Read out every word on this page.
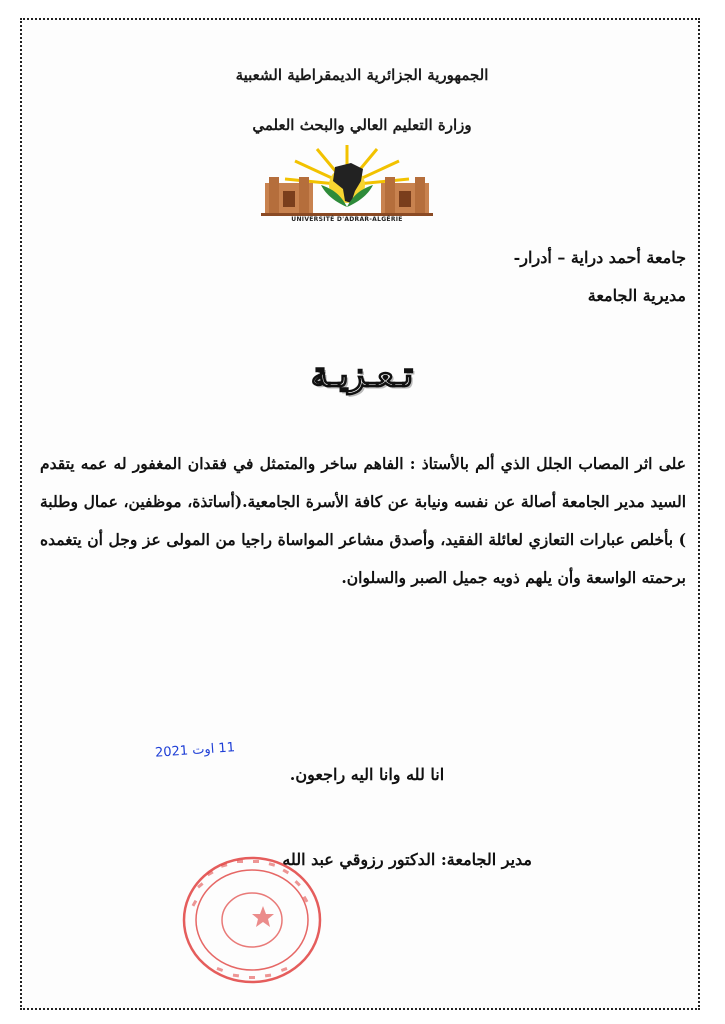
الجمهورية الجزائرية الديمقراطية الشعبية
وزارة التعليم العالي والبحث العلمي
UNIVERSITÉ D'ADRAR-ALGÉRIE
جامعة أحمد دراية – أدرار-
مديرية الجامعة
تـعـزيـة
على اثر المصاب الجلل الذي ألم بالأستاذ : الفاهم ساخر والمتمثل في فقدان المغفور له عمه يتقدم السيد مدير الجامعة أصالة عن نفسه ونيابة عن كافة الأسرة الجامعية.(أساتذة، موظفين، عمال وطلبة ) بأخلص عبارات التعازي لعائلة الفقيد، وأصدق مشاعر المواساة راجيا من المولى عز وجل أن يتغمده برحمته الواسعة وأن يلهم ذويه جميل الصبر والسلوان.
11 اوت 2021
انا لله وانا اليه راجعون.
مدير الجامعة: الدكتور رزوقي عبد الله
